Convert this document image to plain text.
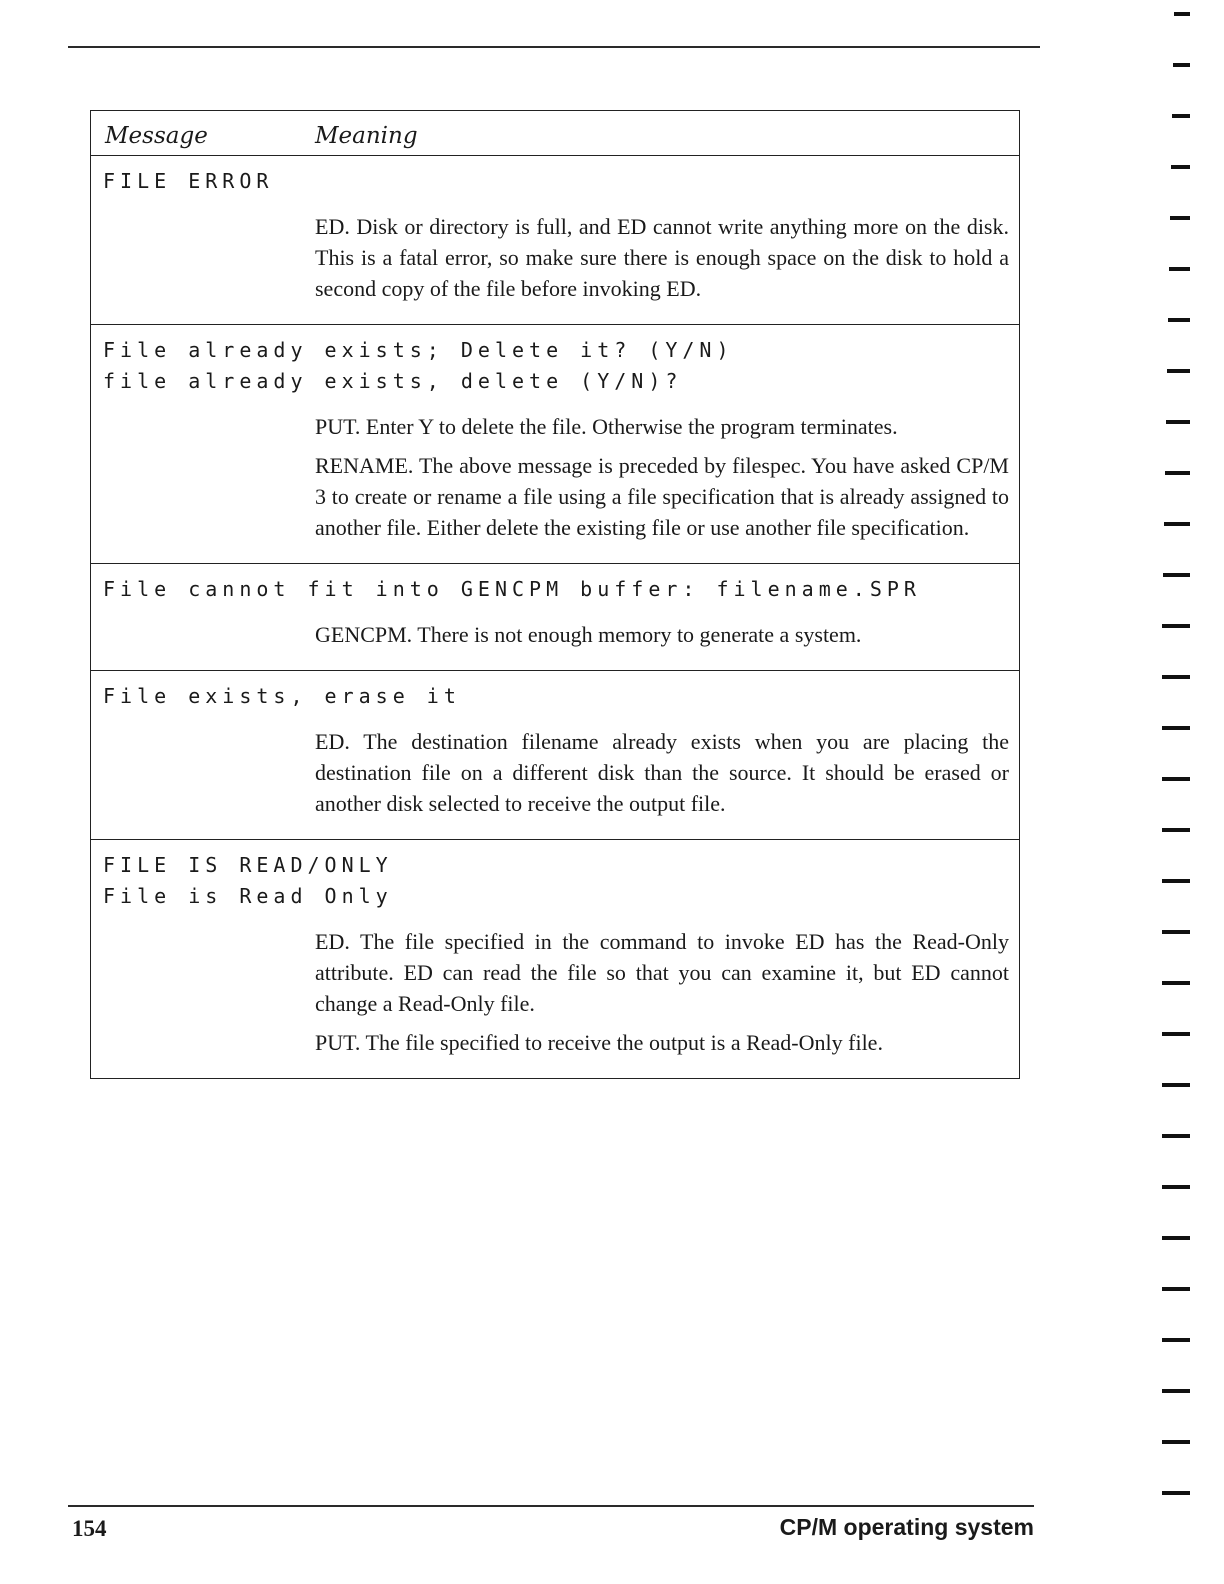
Message	Meaning
FILE ERROR

ED. Disk or directory is full, and ED cannot write anything more on the disk. This is a fatal error, so make sure there is enough space on the disk to hold a second copy of the file before invoking ED.

File already exists; Delete it? (Y/N)
file already exists, delete (Y/N)?

PUT. Enter Y to delete the file. Otherwise the program terminates.

RENAME. The above message is preceded by filespec. You have asked CP/M 3 to create or rename a file using a file specification that is already assigned to another file. Either delete the existing file or use another file specification.

File cannot fit into GENCPM buffer: filename.SPR

GENCPM. There is not enough memory to generate a system.

File exists, erase it

ED. The destination filename already exists when you are placing the destination file on a different disk than the source. It should be erased or another disk selected to receive the output file.

FILE IS READ/ONLY
File is Read Only

ED. The file specified in the command to invoke ED has the Read-Only attribute. ED can read the file so that you can examine it, but ED cannot change a Read-Only file.

PUT. The file specified to receive the output is a Read-Only file.

154	CP/M operating system
